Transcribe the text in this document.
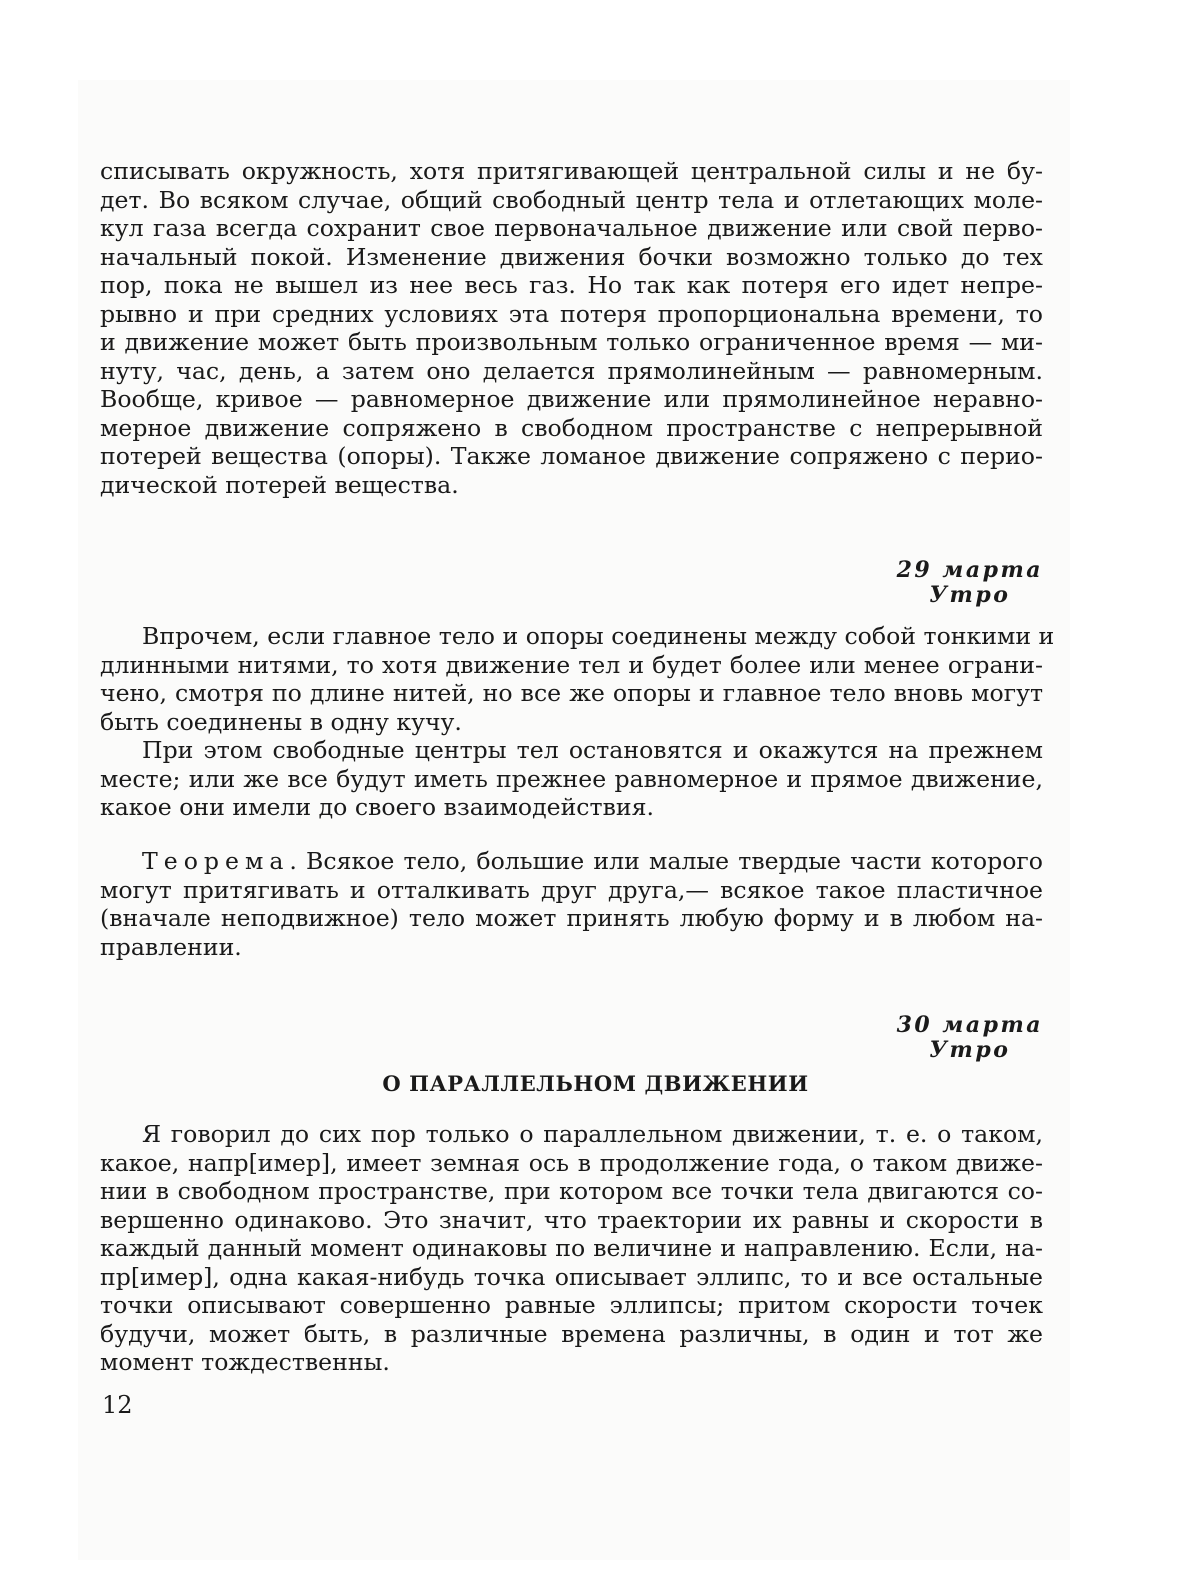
списывать окружность, хотя притягивающей центральной силы и не бу-
дет. Во всяком случае, общий свободный центр тела и отлетающих моле-
кул газа всегда сохранит свое первоначальное движение или свой перво-
начальный покой. Изменение движения бочки возможно только до тех
пор, пока не вышел из нее весь газ. Но так как потеря его идет непре-
рывно и при средних условиях эта потеря пропорциональна времени, то
и движение может быть произвольным только ограниченное время — ми-
нуту, час, день, а затем оно делается прямолинейным — равномерным.
Вообще, кривое — равномерное движение или прямолинейное неравно-
мерное движение сопряжено в свободном пространстве с непрерывной
потерей вещества (опоры). Также ломаное движение сопряжено с перио-
дической потерей вещества.
29 марта
Утро
Впрочем, если главное тело и опоры соединены между собой тонкими и
длинными нитями, то хотя движение тел и будет более или менее ограни-
чено, смотря по длине нитей, но все же опоры и главное тело вновь могут
быть соединены в одну кучу.
При этом свободные центры тел остановятся и окажутся на прежнем
месте; или же все будут иметь прежнее равномерное и прямое движение,
какое они имели до своего взаимодействия.
Теорема. Всякое тело, большие или малые твердые части которого
могут притягивать и отталкивать друг друга,— всякое такое пластичное
(вначале неподвижное) тело может принять любую форму и в любом на-
правлении.
30 марта
Утро
О ПАРАЛЛЕЛЬНОМ ДВИЖЕНИИ
Я говорил до сих пор только о параллельном движении, т. е. о таком,
какое, напр[имер], имеет земная ось в продолжение года, о таком движе-
нии в свободном пространстве, при котором все точки тела двигаются со-
вершенно одинаково. Это значит, что траектории их равны и скорости в
каждый данный момент одинаковы по величине и направлению. Если, на-
пр[имер], одна какая-нибудь точка описывает эллипс, то и все остальные
точки описывают совершенно равные эллипсы; притом скорости точек
будучи, может быть, в различные времена различны, в один и тот же
момент тождественны.
12
